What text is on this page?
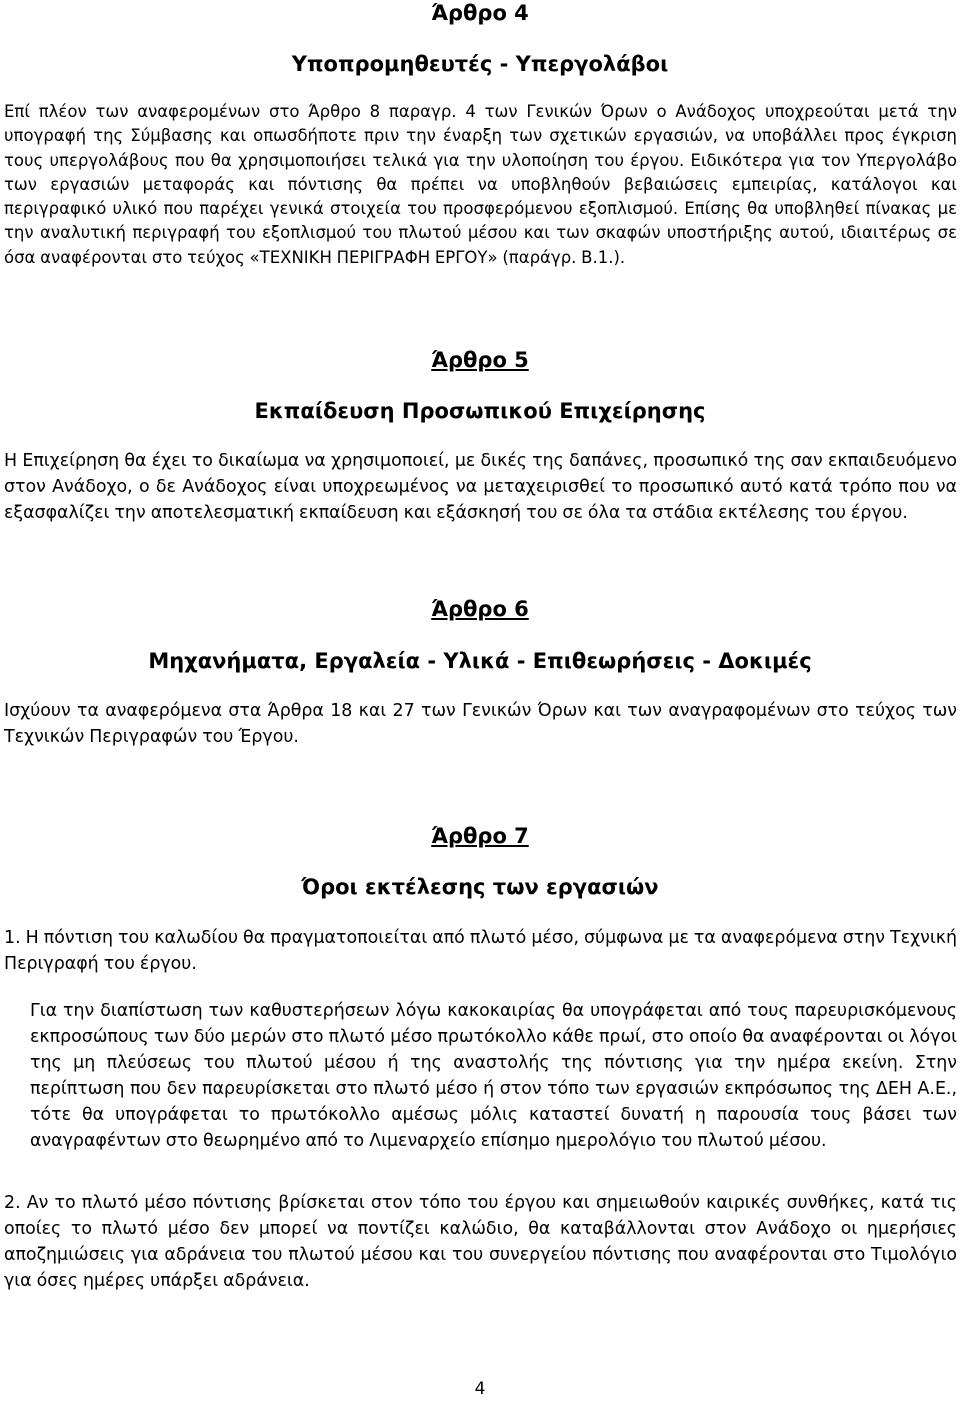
Άρθρο 4
Υποπρομηθευτές - Υπεργολάβοι

Επί πλέον των αναφερομένων στο Άρθρο 8 παραγρ. 4 των Γενικών Όρων ο Ανάδοχος υποχρεούται μετά την υπογραφή της Σύμβασης και οπωσδήποτε πριν την έναρξη των σχετικών εργασιών, να υποβάλλει προς έγκριση τους υπεργολάβους που θα χρησιμοποιήσει τελικά για την υλοποίηση του έργου. Ειδικότερα για τον Υπεργολάβο των εργασιών μεταφοράς και πόντισης θα πρέπει να υποβληθούν βεβαιώσεις εμπειρίας, κατάλογοι και περιγραφικό υλικό που παρέχει γενικά στοιχεία του προσφερόμενου εξοπλισμού. Επίσης θα υποβληθεί πίνακας με την αναλυτική περιγραφή του εξοπλισμού του πλωτού μέσου και των σκαφών υποστήριξης αυτού, ιδιαιτέρως σε όσα αναφέρονται στο τεύχος «ΤΕΧΝΙΚΗ ΠΕΡΙΓΡΑΦΗ ΕΡΓΟΥ» (παράγρ. Β.1.).

Άρθρο 5
Εκπαίδευση Προσωπικού Επιχείρησης

Η Επιχείρηση θα έχει το δικαίωμα να χρησιμοποιεί, με δικές της δαπάνες, προσωπικό της σαν εκπαιδευόμενο στον Ανάδοχο, ο δε Ανάδοχος είναι υποχρεωμένος να μεταχειρισθεί το προσωπικό αυτό κατά τρόπο που να εξασφαλίζει την αποτελεσματική εκπαίδευση και εξάσκησή του σε όλα τα στάδια εκτέλεσης του έργου.

Άρθρο 6
Μηχανήματα, Εργαλεία - Υλικά - Επιθεωρήσεις - Δοκιμές

Ισχύουν τα αναφερόμενα στα Άρθρα 18 και 27 των Γενικών Όρων και των αναγραφομένων στο τεύχος των Τεχνικών Περιγραφών του Έργου.

Άρθρο 7
Όροι εκτέλεσης των εργασιών

1. Η πόντιση του καλωδίου θα πραγματοποιείται από πλωτό μέσο, σύμφωνα με τα αναφερόμενα στην Τεχνική Περιγραφή του έργου.

Για την διαπίστωση των καθυστερήσεων λόγω κακοκαιρίας θα υπογράφεται από τους παρευρισκόμενους εκπροσώπους των δύο μερών στο πλωτό μέσο πρωτόκολλο κάθε πρωί, στο οποίο θα αναφέρονται οι λόγοι της μη πλεύσεως του πλωτού μέσου ή της αναστολής της πόντισης για την ημέρα εκείνη. Στην περίπτωση που δεν παρευρίσκεται στο πλωτό μέσο ή στον τόπο των εργασιών εκπρόσωπος της ΔΕΗ Α.Ε., τότε θα υπογράφεται το πρωτόκολλο αμέσως μόλις καταστεί δυνατή η παρουσία τους βάσει των αναγραφέντων στο θεωρημένο από το Λιμεναρχείο επίσημο ημερολόγιο του πλωτού μέσου.

2. Αν το πλωτό μέσο πόντισης βρίσκεται στον τόπο του έργου και σημειωθούν καιρικές συνθήκες, κατά τις οποίες το πλωτό μέσο δεν μπορεί να ποντίζει καλώδιο, θα καταβάλλονται στον Ανάδοχο οι ημερήσιες αποζημιώσεις για αδράνεια του πλωτού μέσου και του συνεργείου πόντισης που αναφέρονται στο Τιμολόγιο για όσες ημέρες υπάρξει αδράνεια.

4
